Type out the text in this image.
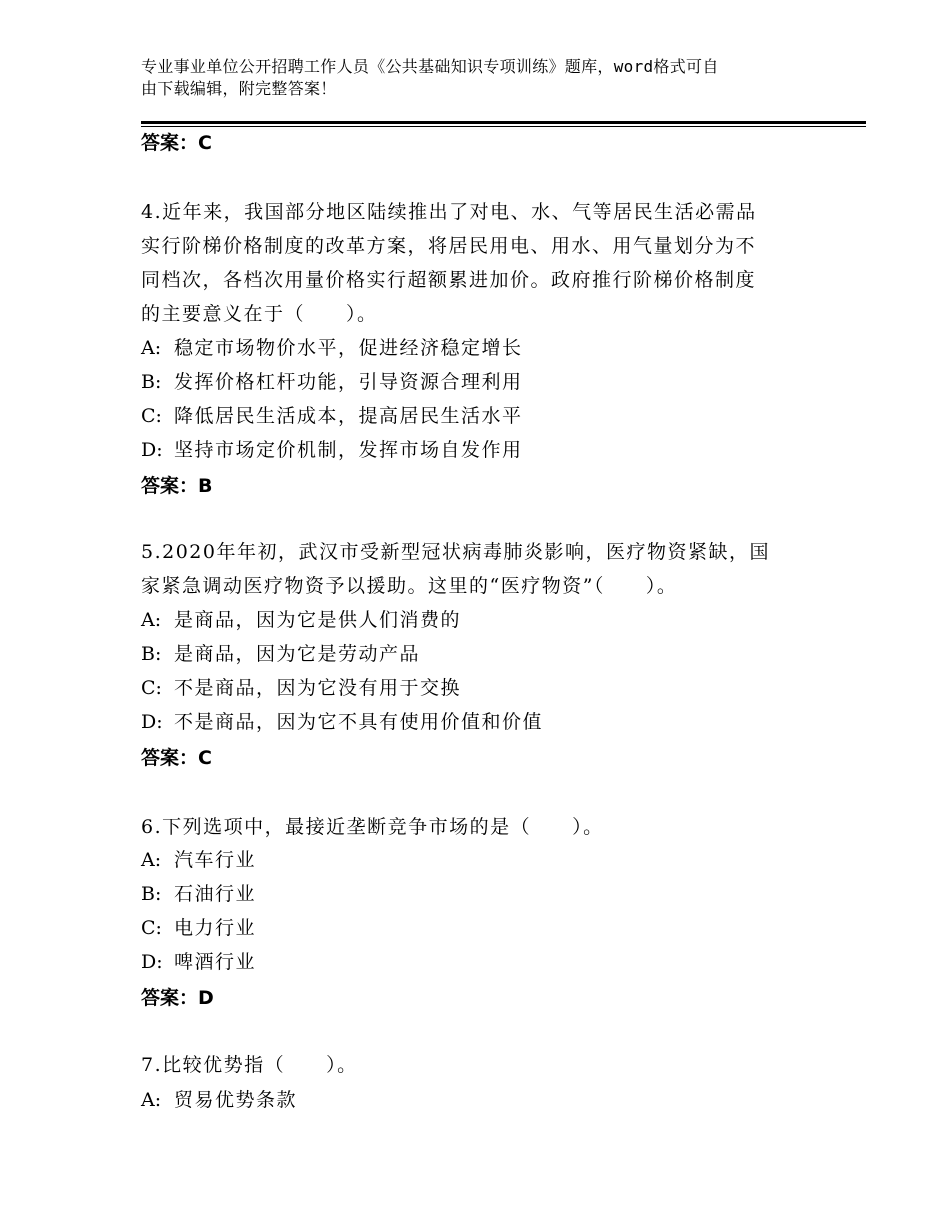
专业事业单位公开招聘工作人员《公共基础知识专项训练》题库，word格式可自
由下载编辑，附完整答案！
答案：C
4.近年来，我国部分地区陆续推出了对电、水、气等居民生活必需品
实行阶梯价格制度的改革方案，将居民用电、用水、用气量划分为不
同档次，各档次用量价格实行超额累进加价。政府推行阶梯价格制度
的主要意义在于（　　）。
A: 稳定市场物价水平，促进经济稳定增长
B: 发挥价格杠杆功能，引导资源合理利用
C: 降低居民生活成本，提高居民生活水平
D: 坚持市场定价机制，发挥市场自发作用
答案：B
5.2020年年初，武汉市受新型冠状病毒肺炎影响，医疗物资紧缺，国
家紧急调动医疗物资予以援助。这里的“医疗物资”（　　）。
A: 是商品，因为它是供人们消费的
B: 是商品，因为它是劳动产品
C: 不是商品，因为它没有用于交换
D: 不是商品，因为它不具有使用价值和价值
答案：C
6.下列选项中，最接近垄断竞争市场的是（　　）。
A: 汽车行业
B: 石油行业
C: 电力行业
D: 啤酒行业
答案：D
7.比较优势指（　　）。
A: 贸易优势条款
